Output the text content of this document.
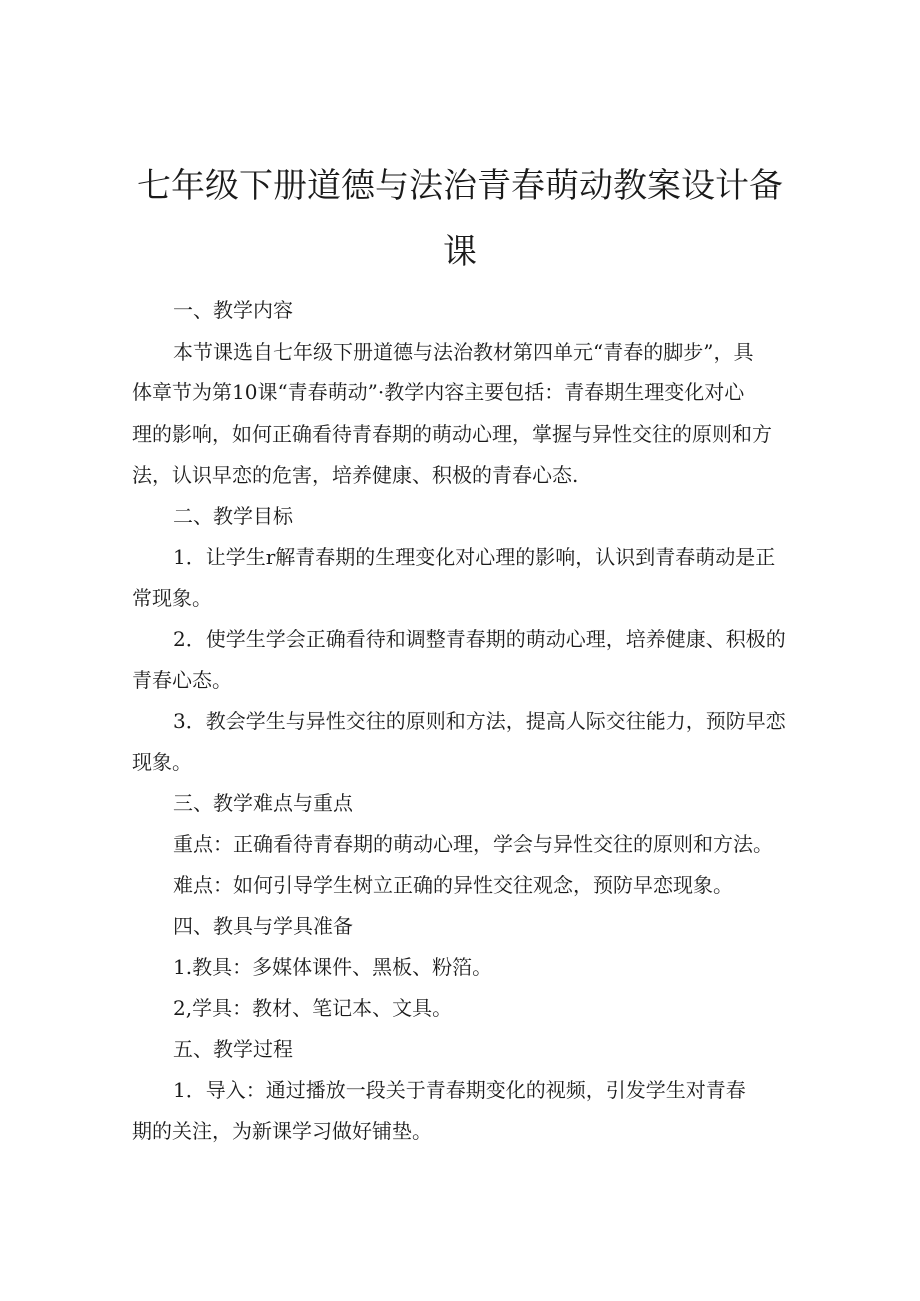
七年级下册道德与法治青春萌动教案设计备
课
一、教学内容
本节课选自七年级下册道德与法治教材第四单元“青春的脚步”，具
体章节为第10课“青春萌动”·教学内容主要包括：青春期生理变化对心
理的影响，如何正确看待青春期的萌动心理，掌握与异性交往的原则和方
法，认识早恋的危害，培养健康、积极的青春心态.
二、教学目标
1．让学生r解青春期的生理变化对心理的影响，认识到青春萌动是正
常现象。
2．使学生学会正确看待和调整青春期的萌动心理，培养健康、积极的
青春心态。
3．教会学生与异性交往的原则和方法，提高人际交往能力，预防早恋
现象。
三、教学难点与重点
重点：正确看待青春期的萌动心理，学会与异性交往的原则和方法。
难点：如何引导学生树立正确的异性交往观念，预防早恋现象。
四、教具与学具准备
1.教具：多媒体课件、黑板、粉箔。
2,学具：教材、笔记本、文具。
五、教学过程
1．导入：通过播放一段关于青春期变化的视频，引发学生对青春
期的关注，为新课学习做好铺垫。
